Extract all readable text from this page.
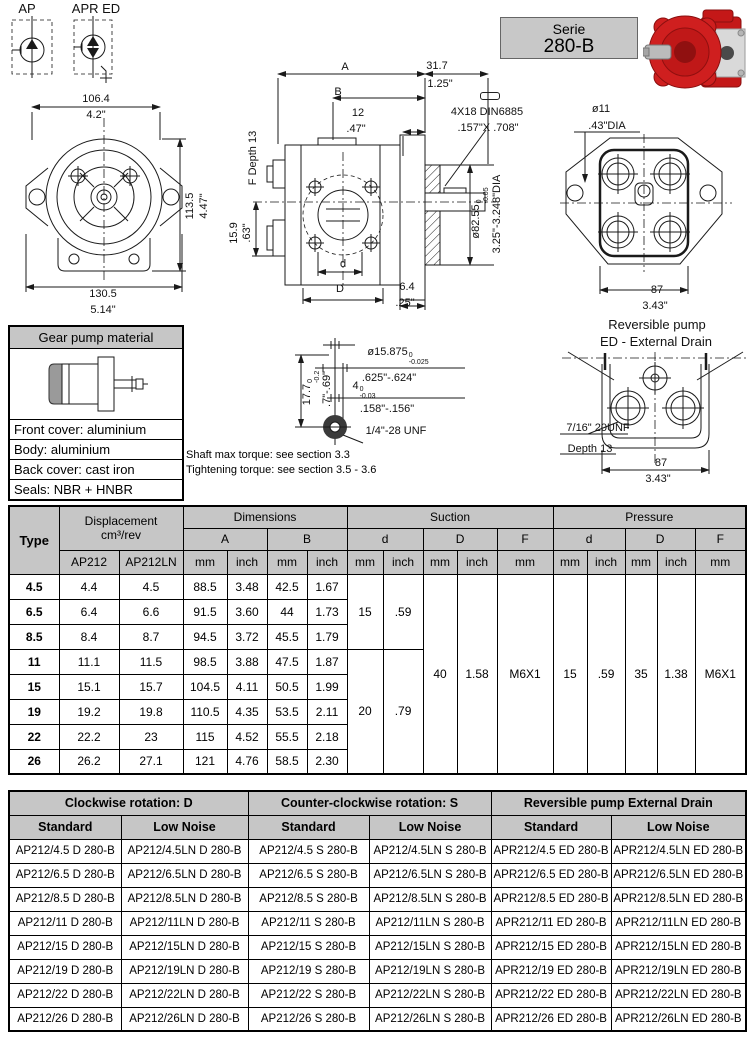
AP	APR ED
Serie
280-B
106.4
4.2"
113.5 4.47"
130.5
5.14"
A	31.7
1.25"
B
12
.47"
4X18 DIN6885
.157"X .708"
F Depth 13
15.9 .63"	ø82.55
0 -0.05 3.25"-3.248"DIA
d
D	6.4
.25"
ø11
.43"DIA
87
3.43"
Gear pump material
Front cover: aluminium
Body: aluminium
Back cover: cast iron
Seals: NBR + HNBR
ø15.875 0
-0.025
.625"-.624"
4 0
-0.03
.158"-.156"
1/4"-28 UNF
17.7
0 -0.2 .7"-.69"
Shaft max torque: see section 3.3
Tightening torque: see section 3.5 - 3.6
Reversible pump
ED - External Drain
7/16" 20UNF
Depth 13
87
3.43"
Type	Displacement
cm³/rev		Dimensions				Suction					Pressure				
			A		B		d		D		F	d		D		F
	AP212	AP212LN	mm	inch	mm	inch	mm	inch	mm	inch	mm	mm	inch	mm	inch	mm
4.5	4.4	4.5	88.5	3.48	42.5	1.67	15	.59	40	1.58	M6X1	15	.59	35	1.38	M6X1
6.5	6.4	6.6	91.5	3.60	44	1.73										
8.5	8.4	8.7	94.5	3.72	45.5	1.79										
11	11.1	11.5	98.5	3.88	47.5	1.87	20	.79								
15	15.1	15.7	104.5	4.11	50.5	1.99										
19	19.2	19.8	110.5	4.35	53.5	2.11										
22	22.2	23	115	4.52	55.5	2.18										
26	26.2	27.1	121	4.76	58.5	2.30										
Clockwise rotation: D		Counter-clockwise rotation: S		Reversible pump External Drain	
Standard	Low Noise	Standard	Low Noise	Standard	Low Noise
AP212/4.5 D 280-B	AP212/4.5LN D 280-B	AP212/4.5 S 280-B	AP212/4.5LN S 280-B	APR212/4.5 ED 280-B	APR212/4.5LN ED 280-B
AP212/6.5 D 280-B	AP212/6.5LN D 280-B	AP212/6.5 S 280-B	AP212/6.5LN S 280-B	APR212/6.5 ED 280-B	APR212/6.5LN ED 280-B
AP212/8.5 D 280-B	AP212/8.5LN D 280-B	AP212/8.5 S 280-B	AP212/8.5LN S 280-B	APR212/8.5 ED 280-B	APR212/8.5LN ED 280-B
AP212/11 D 280-B	AP212/11LN D 280-B	AP212/11 S 280-B	AP212/11LN S 280-B	APR212/11 ED 280-B	APR212/11LN ED 280-B
AP212/15 D 280-B	AP212/15LN D 280-B	AP212/15 S 280-B	AP212/15LN S 280-B	APR212/15 ED 280-B	APR212/15LN ED 280-B
AP212/19 D 280-B	AP212/19LN D 280-B	AP212/19 S 280-B	AP212/19LN S 280-B	APR212/19 ED 280-B	APR212/19LN ED 280-B
AP212/22 D 280-B	AP212/22LN D 280-B	AP212/22 S 280-B	AP212/22LN S 280-B	APR212/22 ED 280-B	APR212/22LN ED 280-B
AP212/26 D 280-B	AP212/26LN D 280-B	AP212/26 S 280-B	AP212/26LN S 280-B	APR212/26 ED 280-B	APR212/26LN ED 280-B
